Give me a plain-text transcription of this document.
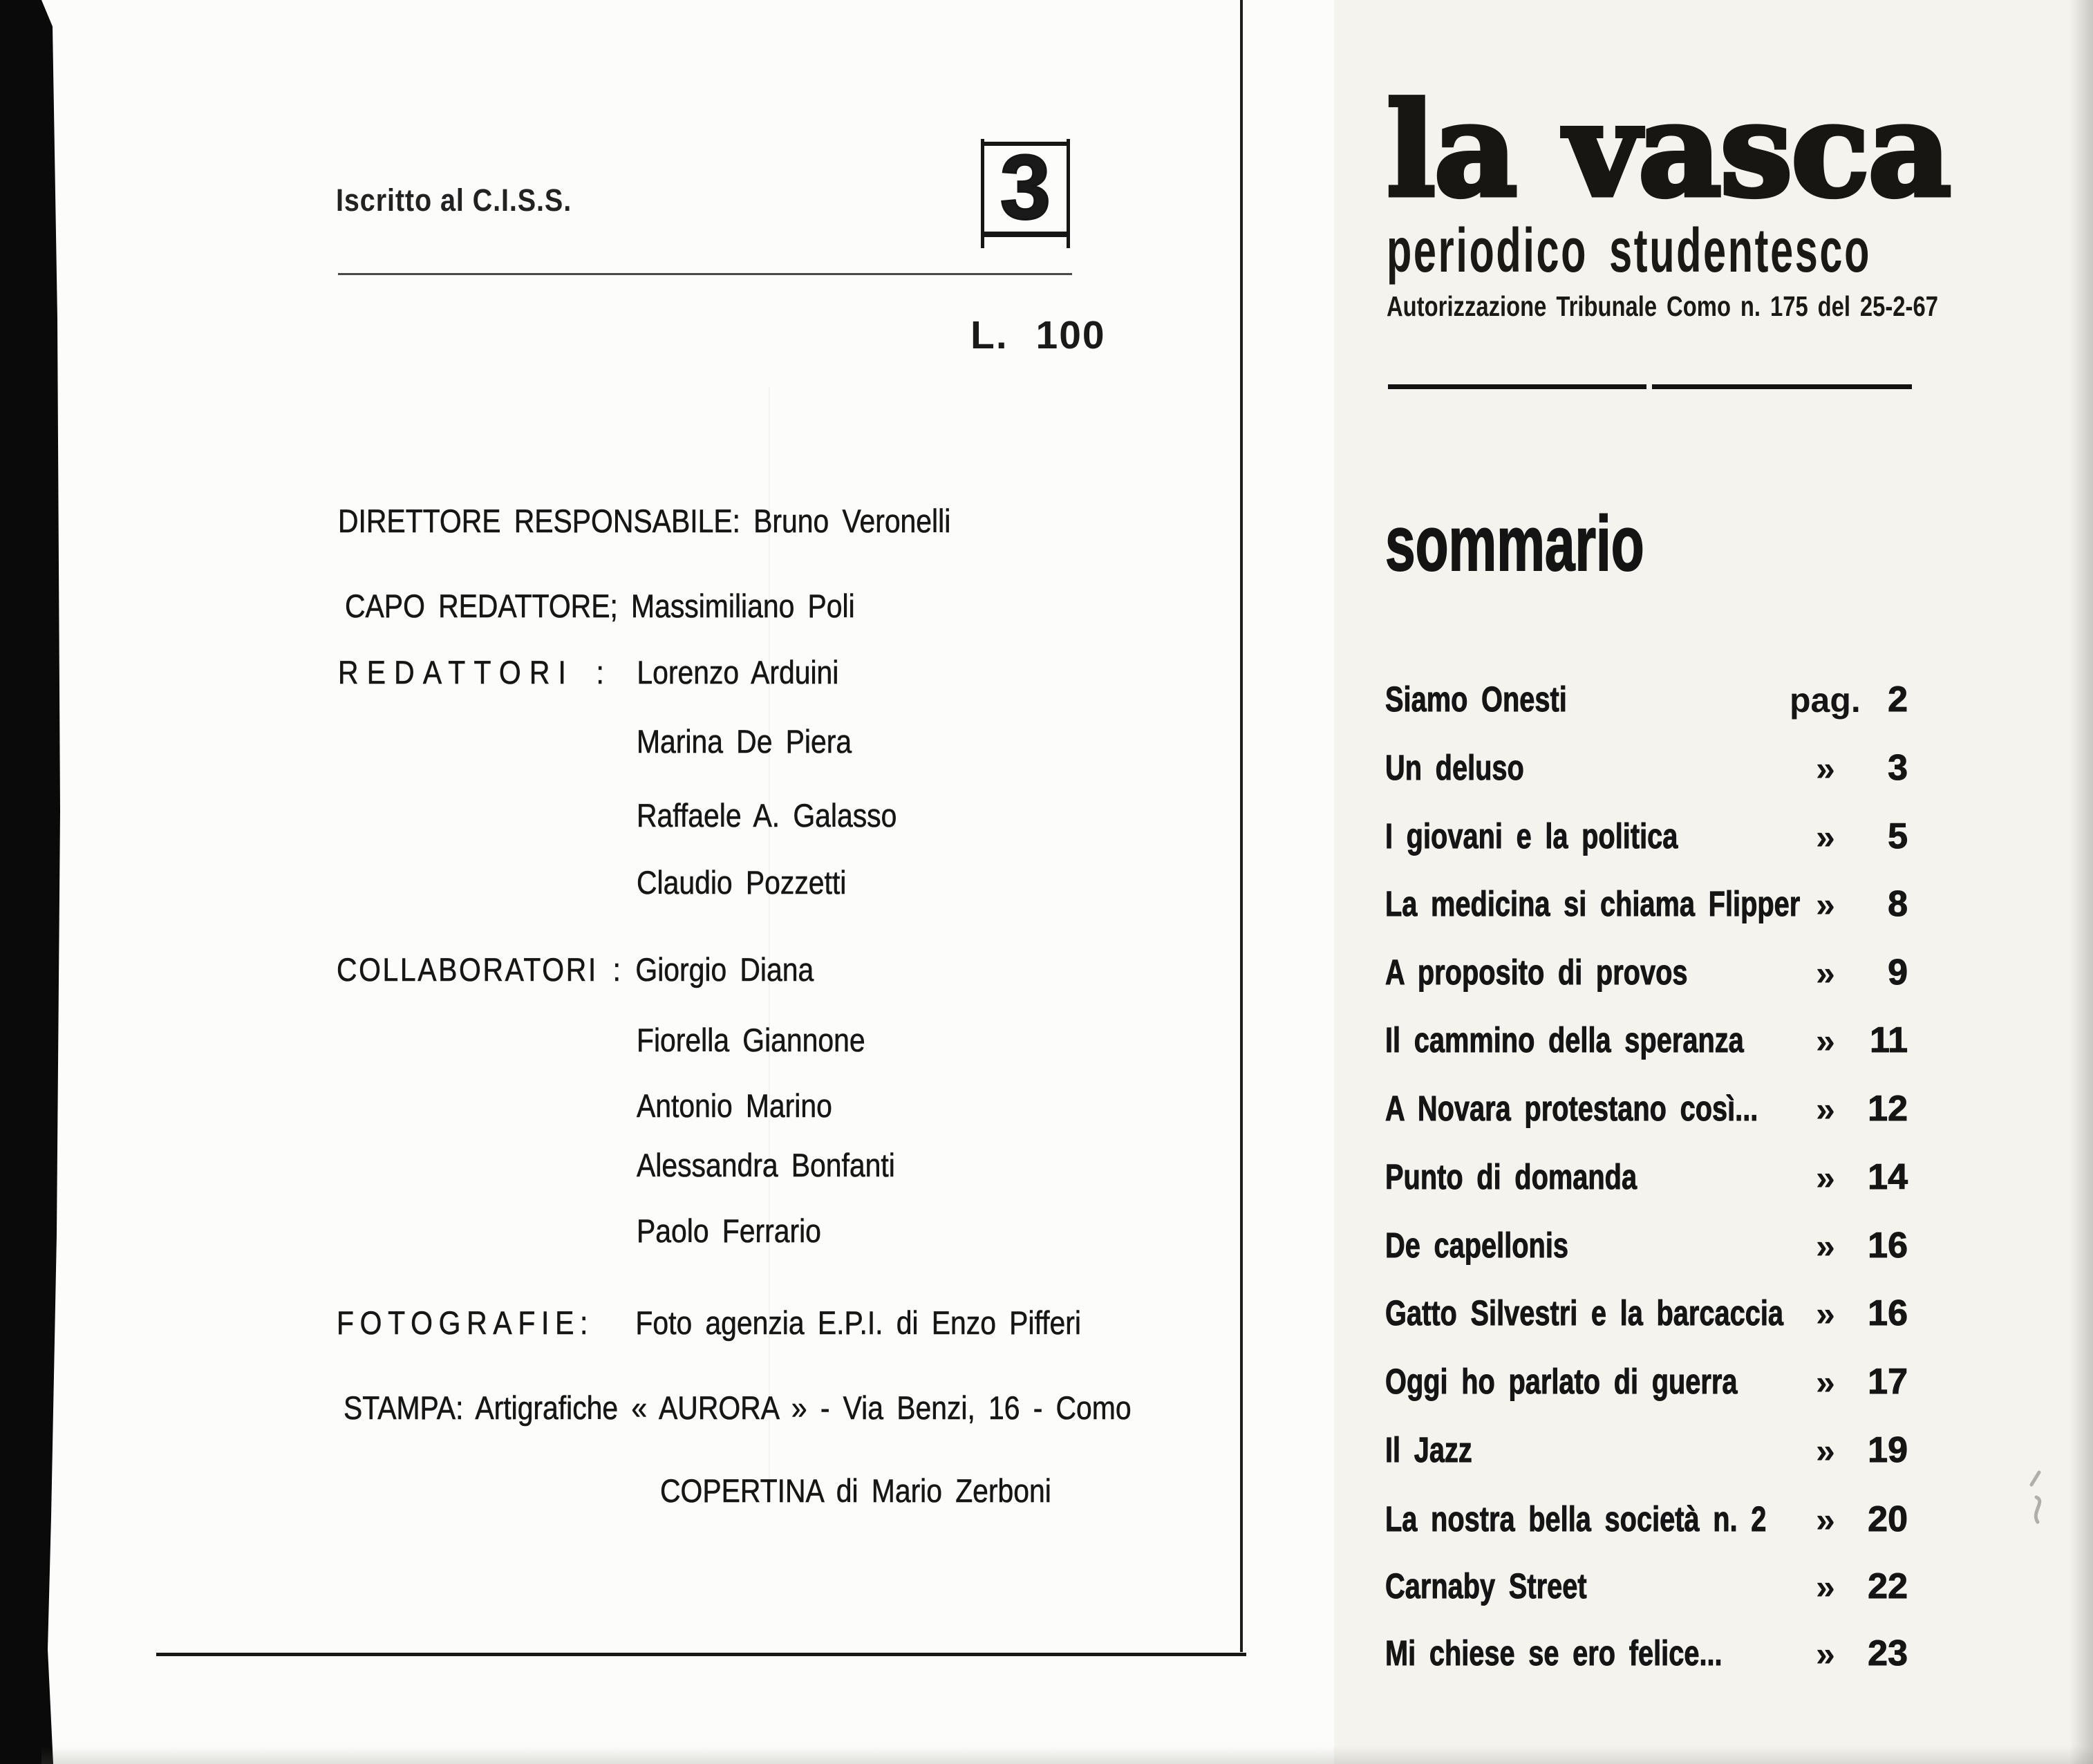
Iscritto al C.I.S.S.	3
L. 100
DIRETTORE RESPONSABILE: Bruno Veronelli
CAPO REDATTORE; Massimiliano Poli
REDATTORI : Lorenzo Arduini
Marina De Piera
Raffaele A. Galasso
Claudio Pozzetti
COLLABORATORI : Giorgio Diana
Fiorella Giannone
Antonio Marino
Alessandra Bonfanti
Paolo Ferrario
FOTOGRAFIE: Foto agenzia E.P.I. di Enzo Pifferi
STAMPA: Artigrafiche « AURORA » - Via Benzi, 16 - Como
COPERTINA di Mario Zerboni
la vasca
periodico studentesco
Autorizzazione Tribunale Como n. 175 del 25-2-67
sommario
Siamo Onesti	pag. 2
Un deluso	»	3
I giovani e la politica	»	5
La medicina si chiama Flipper »	8
A proposito di provos	»	9
Il cammino della speranza	» 11
A Novara protestano così...	» 12
Punto di domanda	» 14
De capellonis	» 16
Gatto Silvestri e la barcaccia » 16
Oggi ho parlato di guerra	» 17
Il Jazz	» 19
La nostra bella società n. 2	» 20
Carnaby Street	» 22
Mi chiese se ero felice...	» 23
